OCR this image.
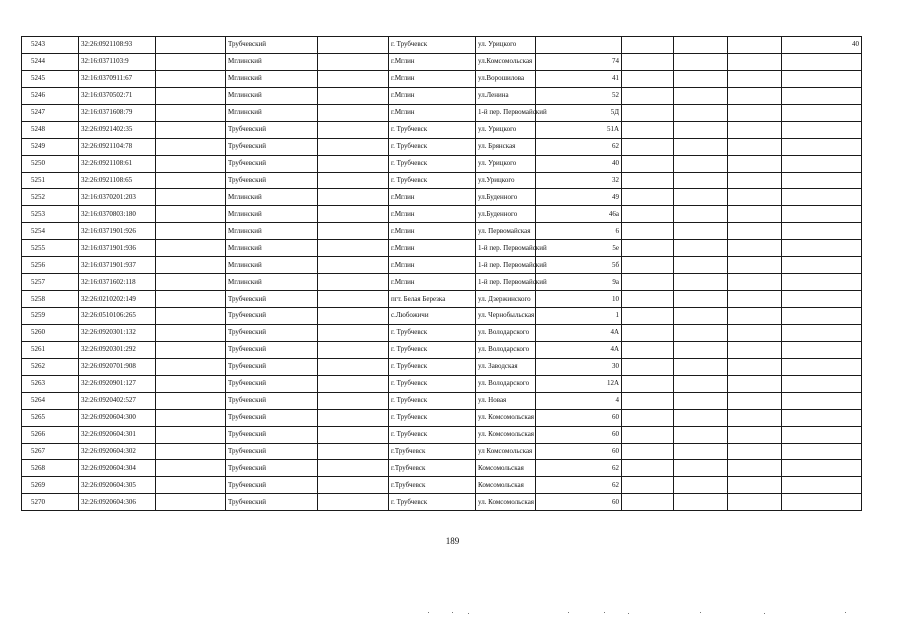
5243	32:26:0921108:93		Трубчевский		г. Трубчевск	ул. Урицкого					40
5244	32:16:0371103:9		Мглинский		г.Мглин	ул.Комсомольская	74				
5245	32:16:0370911:67		Мглинский		г.Мглин	ул.Ворошилова	41				
5246	32:16:0370502:71		Мглинский		г.Мглин	ул.Ленина	52				
5247	32:16:0371608:79		Мглинский		г.Мглин	1-й пер. Первомайский	5Д				
5248	32:26:0921402:35		Трубчевский		г. Трубчевск	ул. Урицкого	51А				
5249	32:26:0921104:78		Трубчевский		г. Трубчевск	ул. Брянская	62				
5250	32:26:0921108:61		Трубчевский		г. Трубчевск	ул. Урицкого	40				
5251	32:26:0921108:65		Трубчевский		г. Трубчевск	ул.Урицкого	32				
5252	32:16:0370201:203		Мглинский		г.Мглин	ул.Буденного	49				
5253	32:16:0370803:180		Мглинский		г.Мглин	ул.Буденного	46а				
5254	32:16:0371901:926		Мглинский		г.Мглин	ул. Первомайская	6				
5255	32:16:0371901:936		Мглинский		г.Мглин	1-й пер. Первомайский	5е				
5256	32:16:0371901:937		Мглинский		г.Мглин	1-й пер. Первомайский	5б				
5257	32:16:0371602:118		Мглинский		г.Мглин	1-й пер. Первомайский	9а				
5258	32:26:0210202:149		Трубчевский		пгт. Белая Березка	ул. Дзержинского	10				
5259	32:26:0510106:265		Трубчевский		с.Любожичи	ул. Чернобыльская	1				
5260	32:26:0920301:132		Трубчевский		г. Трубчевск	ул. Володарского	4А				
5261	32:26:0920301:292		Трубчевский		г. Трубчевск	ул. Володарского	4А				
5262	32:26:0920701:908		Трубчевский		г. Трубчевск	ул. Заводская	30				
5263	32:26:0920901:127		Трубчевский		г. Трубчевск	ул. Володарского	12А				
5264	32:26:0920402:527		Трубчевский		г. Трубчевск	ул. Новая	4				
5265	32:26:0920604:300		Трубчевский		г. Трубчевск	ул. Комсомольская	60				
5266	32:26:0920604:301		Трубчевский		г. Трубчевск	ул. Комсомольская	60				
5267	32:26:0920604:302		Трубчевский		г.Трубчевск	ул Комсомольская	60				
5268	32:26:0920604:304		Трубчевский		г.Трубчевск	Комсомольская	62				
5269	32:26:0920604:305		Трубчевский		г.Трубчевск	Комсомольская	62				
5270	32:26:0920604:306		Трубчевский		г. Трубчевск	ул. Комсомольская	60				
189
